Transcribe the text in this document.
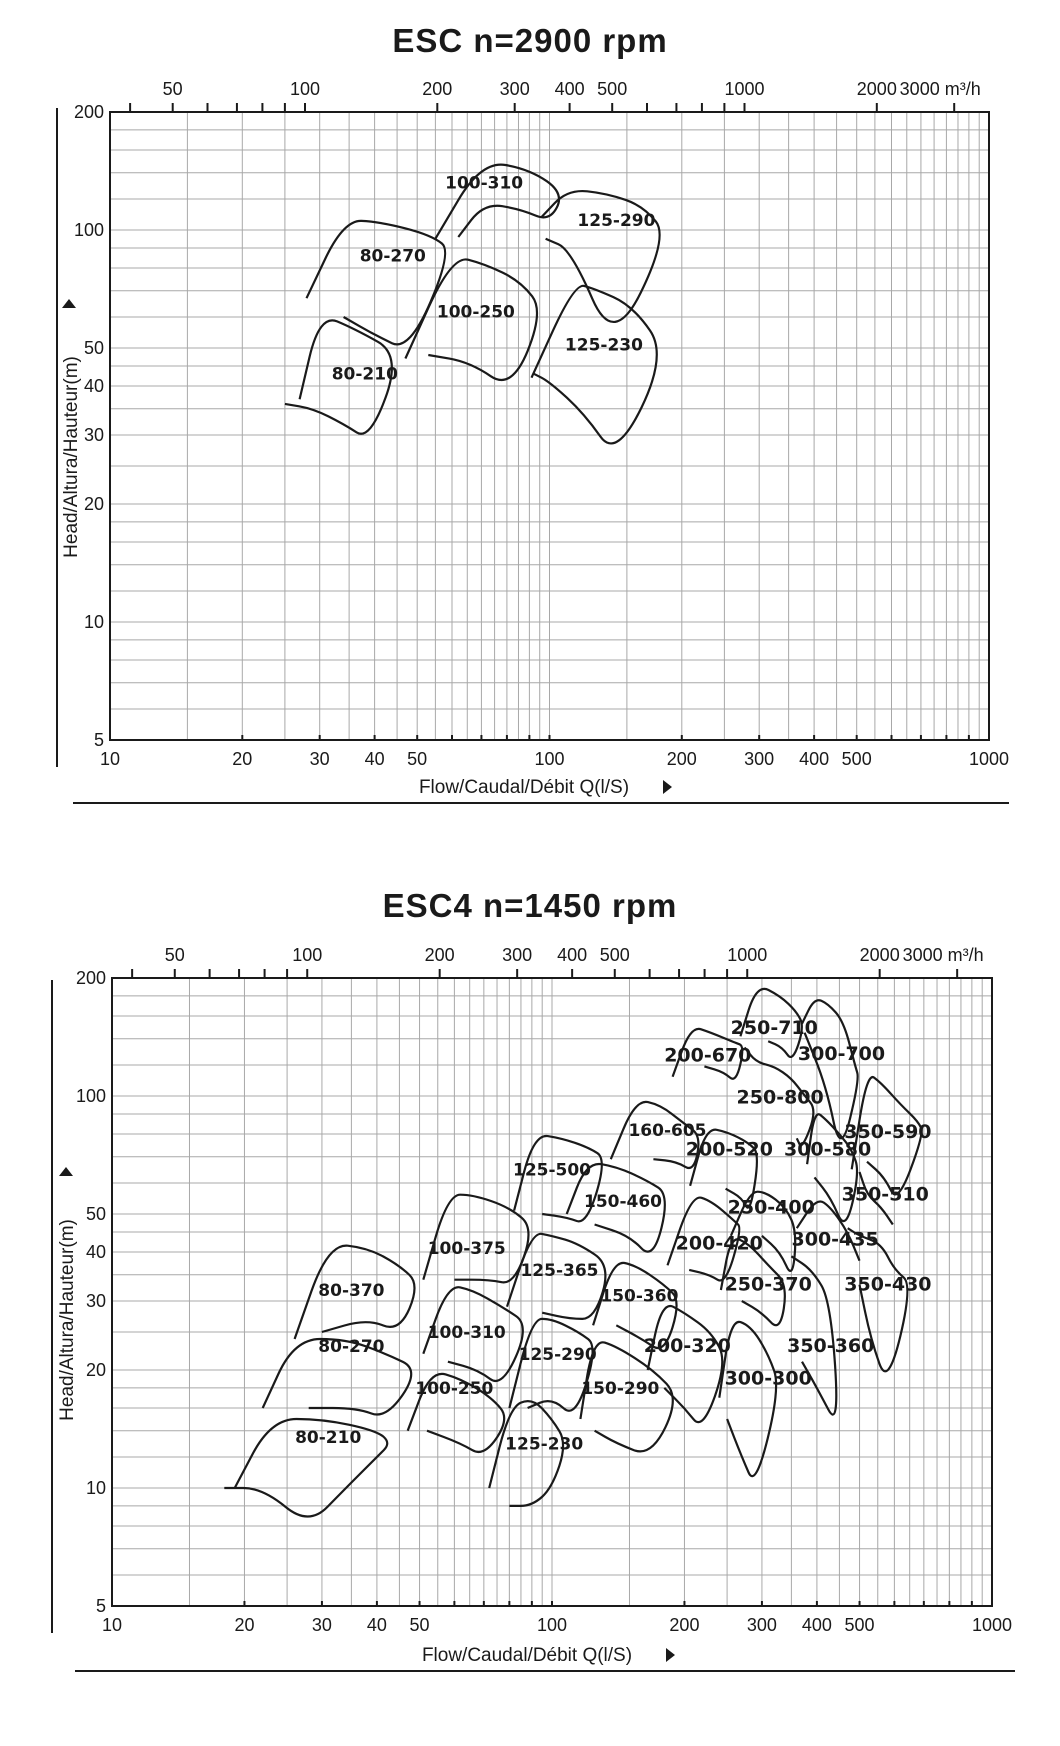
ESC n=2900 rpm
10	20	30 40 50	100	200	300 400 500	1000
50	100	200	300 400 500	1000	2000 3000 m³/h
5
10
20
30
40
50
100
200
100-310
125-290
80-270
100-250
125-230
80-210
Flow/Caudal/Débit Q(l/S)
Head/Altura/Hauteur(m)
ESC4 n=1450 rpm
10	20	30 40 50	100	200	300 400 500	1000
50	100	200	300 400 500	1000	2000 3000 m³/h
5
10
20
30
40
50
100
200
250-710
300-700
200-670
250-800
160-605
200-520 300-580
350-590
350-510
125-500
150-460	250-400
300-435
100-375
125-365
200-420
150-360
250-370
350-360
350-430
80-370
100-310
125-290 200-320
300-300
150-290
80-270
100-250
80-210	125-230
Flow/Caudal/Débit Q(l/S)
Head/Altura/Hauteur(m)
